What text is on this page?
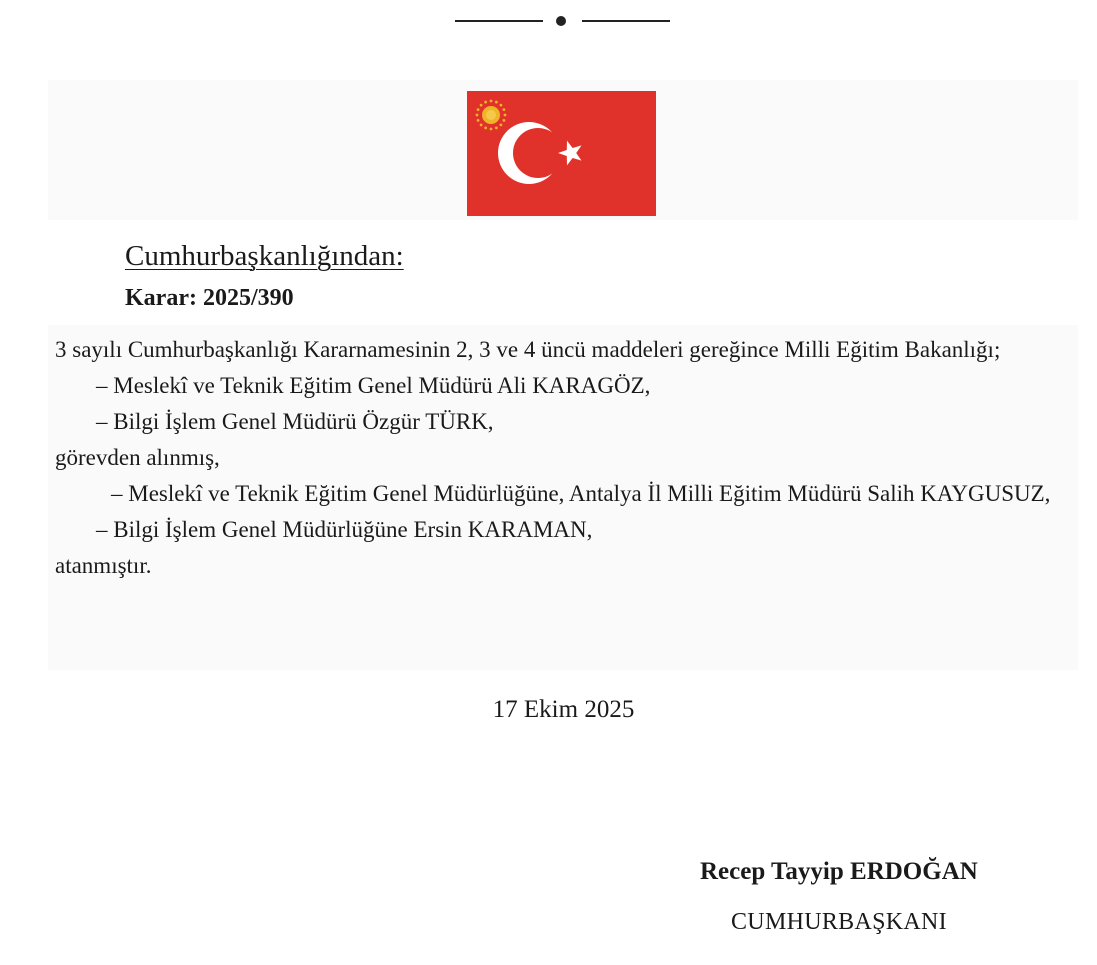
Cumhurbaşkanlığından:
Karar: 2025/390

3 sayılı Cumhurbaşkanlığı Kararnamesinin 2, 3 ve 4 üncü maddeleri gereğince Milli Eğitim Bakanlığı;

– Meslekî ve Teknik Eğitim Genel Müdürü Ali KARAGÖZ,

– Bilgi İşlem Genel Müdürü Özgür TÜRK,

görevden alınmış,

– Meslekî ve Teknik Eğitim Genel Müdürlüğüne, Antalya İl Milli Eğitim Müdürü Salih KAYGUSUZ,

– Bilgi İşlem Genel Müdürlüğüne Ersin KARAMAN,

atanmıştır.

17 Ekim 2025
Recep Tayyip ERDOĞAN
CUMHURBAŞKANI
